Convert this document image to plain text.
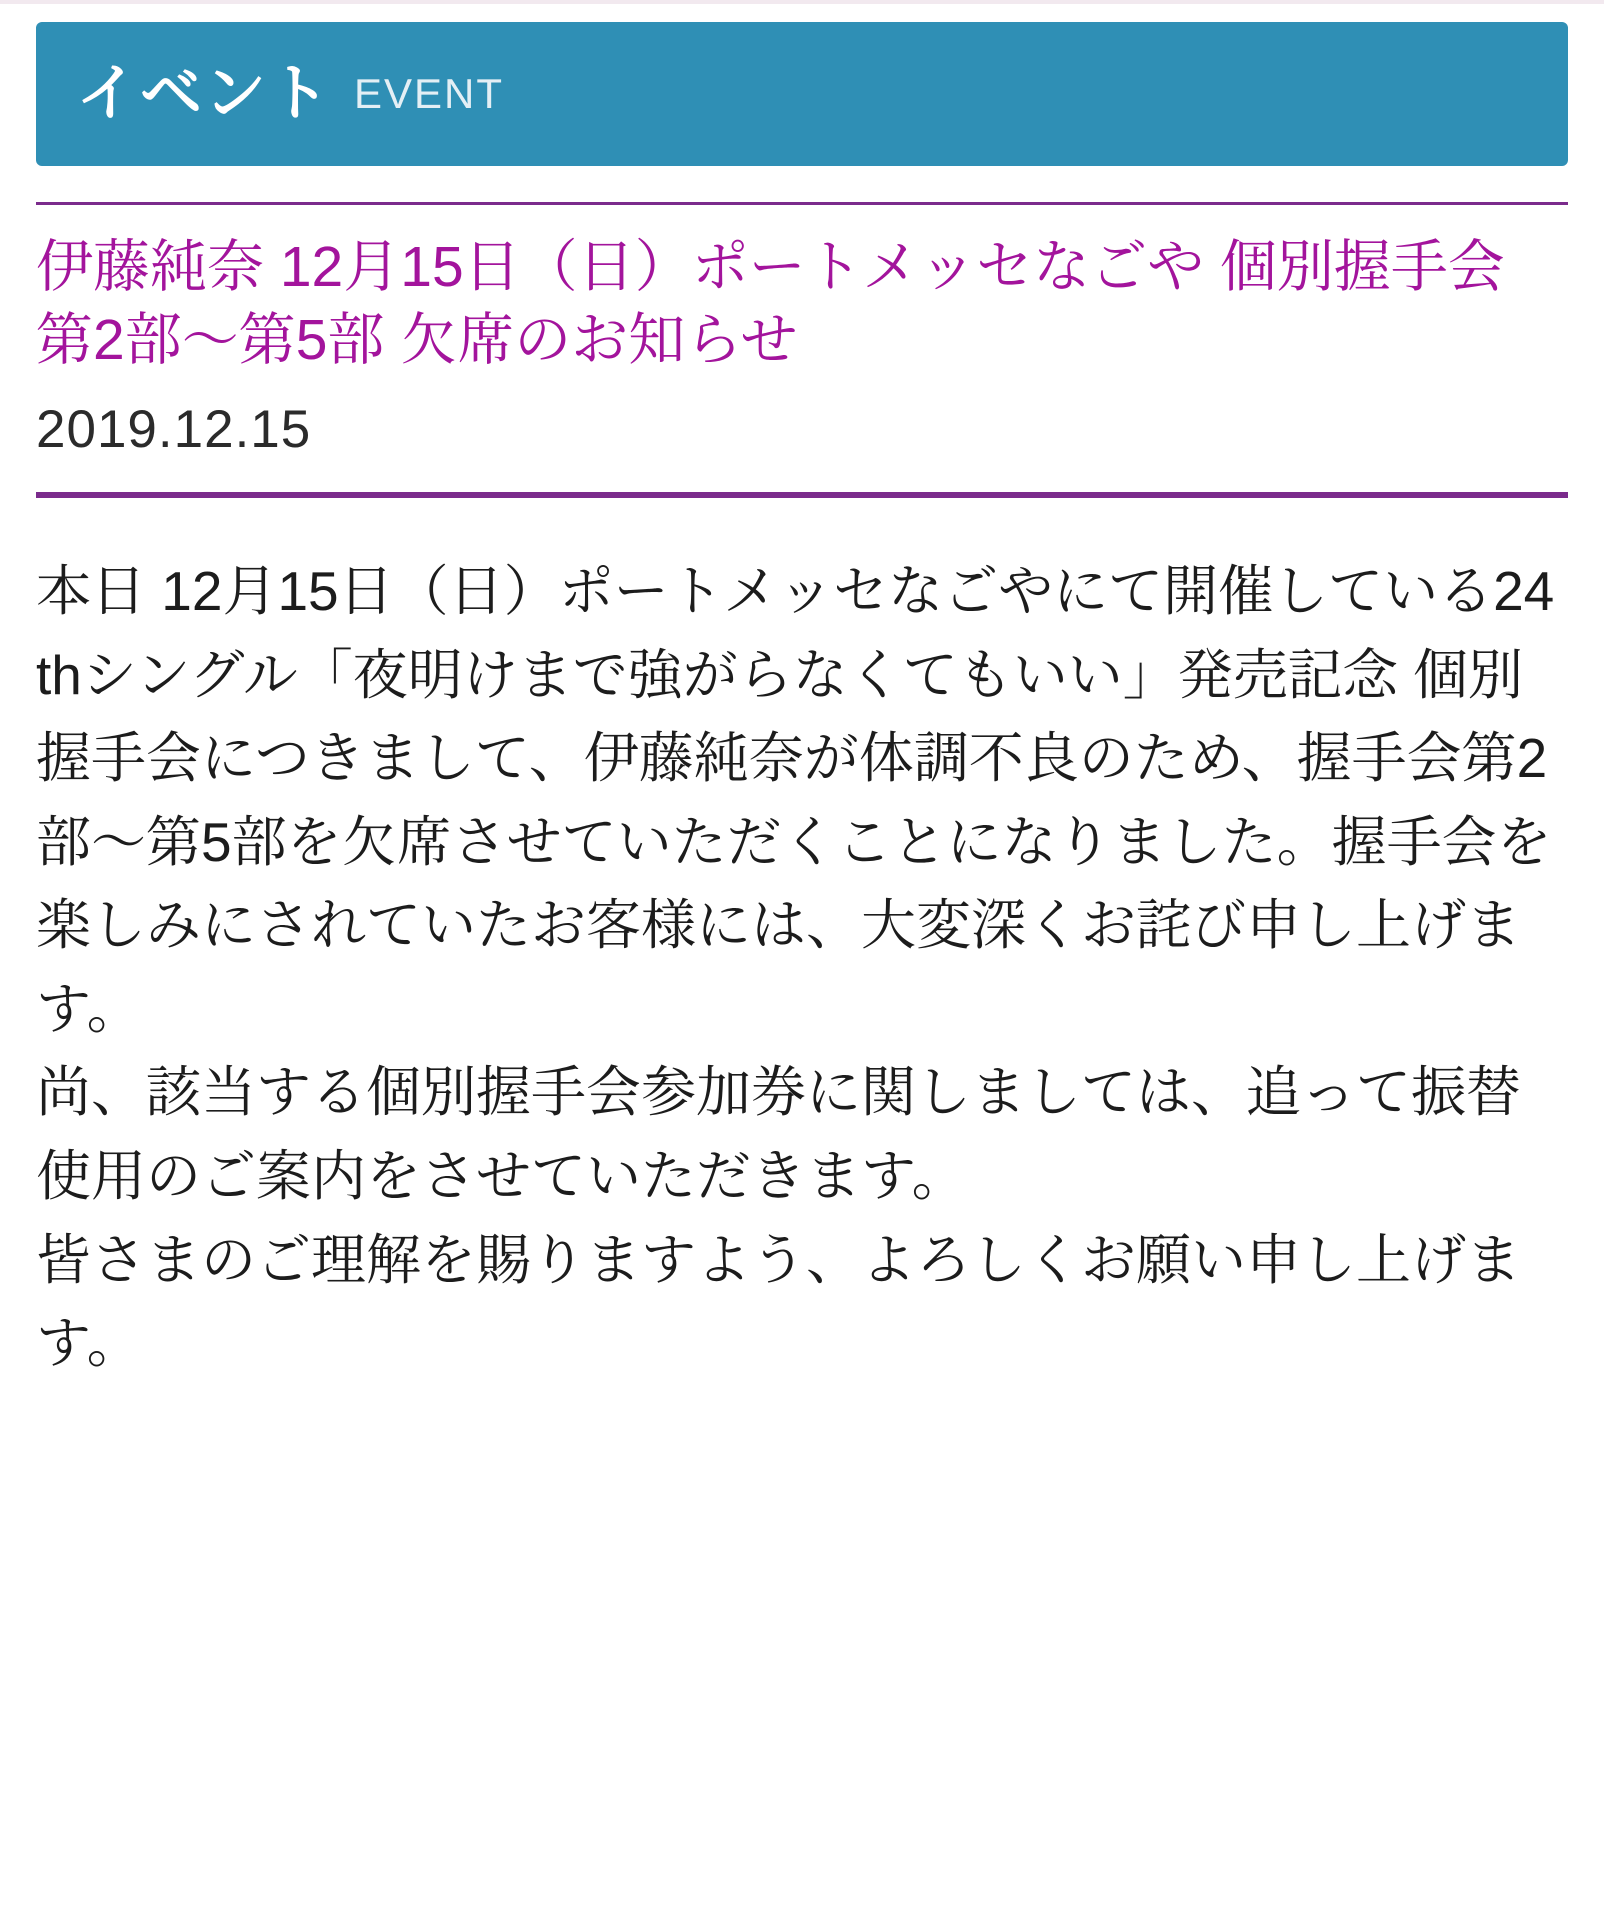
イベント EVENT
伊藤純奈 12月15日（日）ポートメッセなごや 個別握手会 第2部〜第5部 欠席のお知らせ
2019.12.15

本日 12月15日（日）ポートメッセなごやにて開催している24thシングル「夜明けまで強がらなくてもいい」発売記念 個別握手会につきまして、伊藤純奈が体調不良のため、握手会第2部〜第5部を欠席させていただくことになりました。握手会を楽しみにされていたお客様には、大変深くお詫び申し上げます。

尚、該当する個別握手会参加券に関しましては、追って振替使用のご案内をさせていただきます。

皆さまのご理解を賜りますよう、よろしくお願い申し上げます。
